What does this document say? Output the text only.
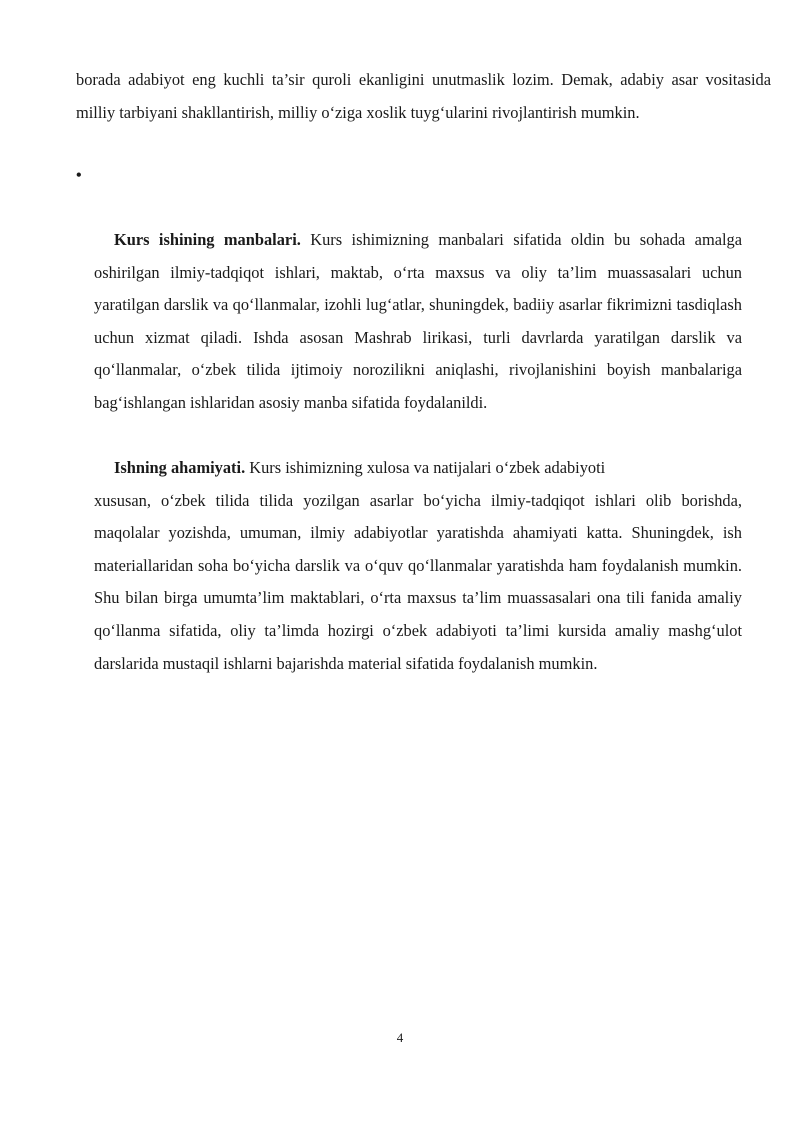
borada adabiyot eng kuchli ta’sir quroli ekanligini unutmaslik lozim. Demak, adabiy asar vositasida milliy tarbiyani shakllantirish, milliy o‘ziga xoslik tuyg‘ularini rivojlantirish mumkin.

•

Kurs ishining manbalari. Kurs ishimizning manbalari sifatida oldin bu sohada amalga oshirilgan ilmiy-tadqiqot ishlari, maktab, o‘rta maxsus va oliy ta’lim muassasalari uchun yaratilgan darslik va qo‘llanmalar, izohli lug‘atlar, shuningdek, badiiy asarlar fikrimizni tasdiqlash uchun xizmat qiladi. Ishda asosan Mashrab lirikasi, turli davrlarda yaratilgan darslik va qo‘llanmalar, o‘zbek tilida ijtimoiy norozilikni aniqlashi, rivojlanishini boyish manbalariga bag‘ishlangan ishlaridan asosiy manba sifatida foydalanildi.

Ishning ahamiyati. Kurs ishimizning xulosa va natijalari o‘zbek adabiyoti

xususan, o‘zbek tilida tilida yozilgan asarlar bo‘yicha ilmiy-tadqiqot ishlari olib borishda, maqolalar yozishda, umuman, ilmiy adabiyotlar yaratishda ahamiyati katta. Shuningdek, ish materiallaridan soha bo‘yicha darslik va o‘quv qo‘llanmalar yaratishda ham foydalanish mumkin. Shu bilan birga umumta’lim maktablari, o‘rta maxsus ta’lim muassasalari ona tili fanida amaliy qo‘llanma sifatida, oliy ta’limda hozirgi o‘zbek adabiyoti ta’limi kursida amaliy mashg‘ulot darslarida mustaqil ishlarni bajarishda material sifatida foydalanish mumkin.

4
